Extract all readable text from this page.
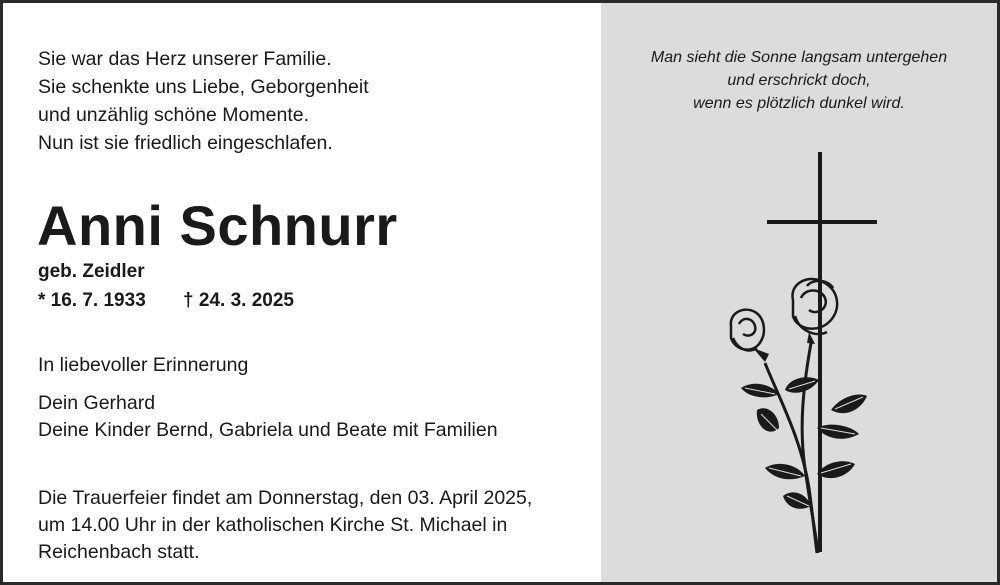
Sie war das Herz unserer Familie.
Sie schenkte uns Liebe, Geborgenheit
und unzählig schöne Momente.
Nun ist sie friedlich eingeschlafen.
Anni Schnurr
geb. Zeidler
* 16. 7. 1933 † 24. 3. 2025
In liebevoller Erinnerung
Dein Gerhard
Deine Kinder Bernd, Gabriela und Beate mit Familien
Die Trauerfeier findet am Donnerstag, den 03. April 2025,
um 14.00 Uhr in der katholischen Kirche St. Michael in
Reichenbach statt.
Man sieht die Sonne langsam untergehen
und erschrickt doch,
wenn es plötzlich dunkel wird.
